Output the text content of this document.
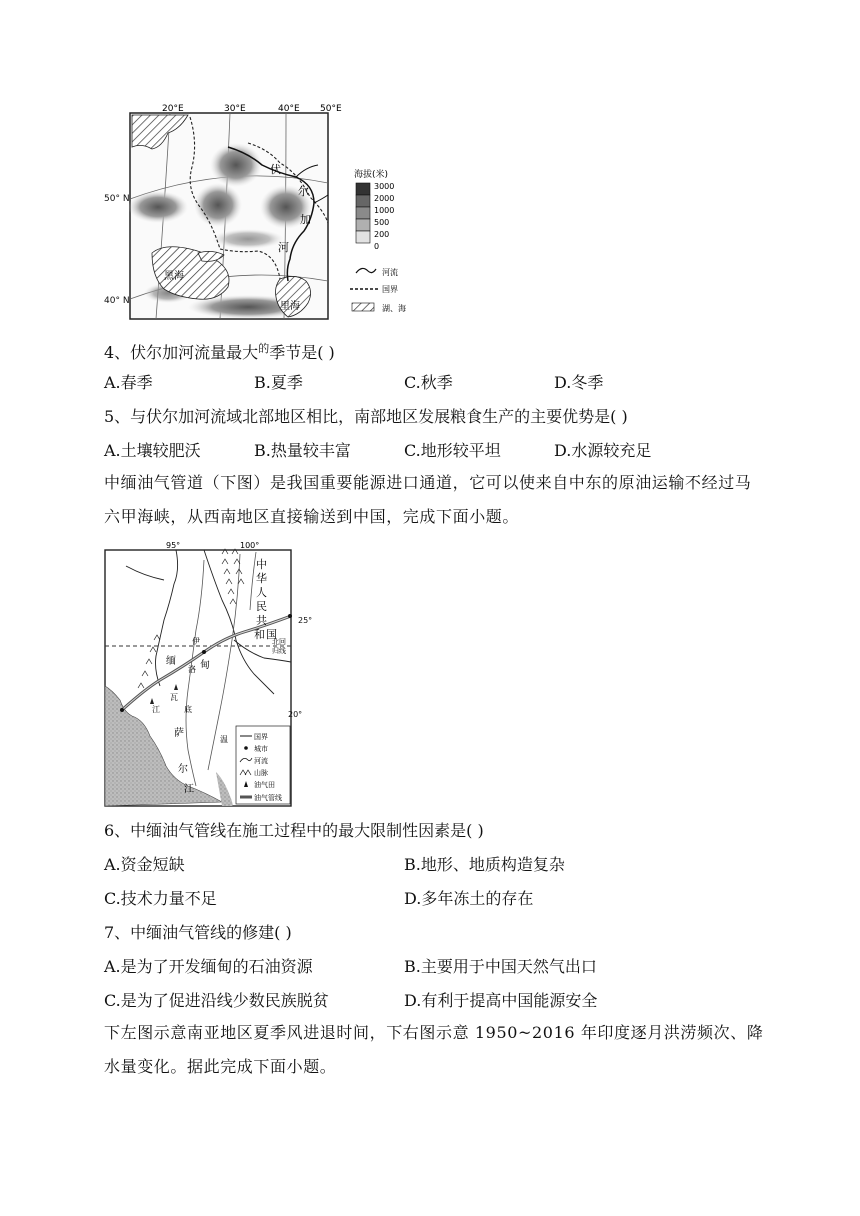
伏
尔
加
河
黑海
里海
20°E	30°E	40°E 50°E
海拔(米)
3000
2000
1000
500
200
0
河流
国界
湖、海
50° N
40° N
4、伏尔加河流量最大$^的$季节是( )
A.春季	B.夏季	C.秋季	D.冬季
5、与伏尔加河流域北部地区相比，南部地区发展粮食生产的主要优势是( )
A.土壤较肥沃	B.热量较丰富	C.地形较平坦	D.水源较充足
中缅油气管道（下图）是我国重要能源进口通道，它可以使来自中东的原油运输不经过马六甲海峡，从西南地区直接输送到中国，完成下面小题。
中
华
人
民
共
和 国
北回
归线
缅 甸
伊
洛
瓦
底
江
萨
尔
温
江
95°	100°
国界
城市
河流
山脉
油气田
油气管线
25°
20°
6、中缅油气管线在施工过程中的最大限制性因素是( )
A.资金短缺	B.地形、地质构造复杂
C.技术力量不足	D.多年冻土的存在
7、中缅油气管线的修建( )
A.是为了开发缅甸的石油资源	B.主要用于中国天然气出口
C.是为了促进沿线少数民族脱贫	D.有利于提高中国能源安全
下左图示意南亚地区夏季风进退时间，下右图示意 1950~2016 年印度逐月洪涝频次、降水量变化。据此完成下面小题。
